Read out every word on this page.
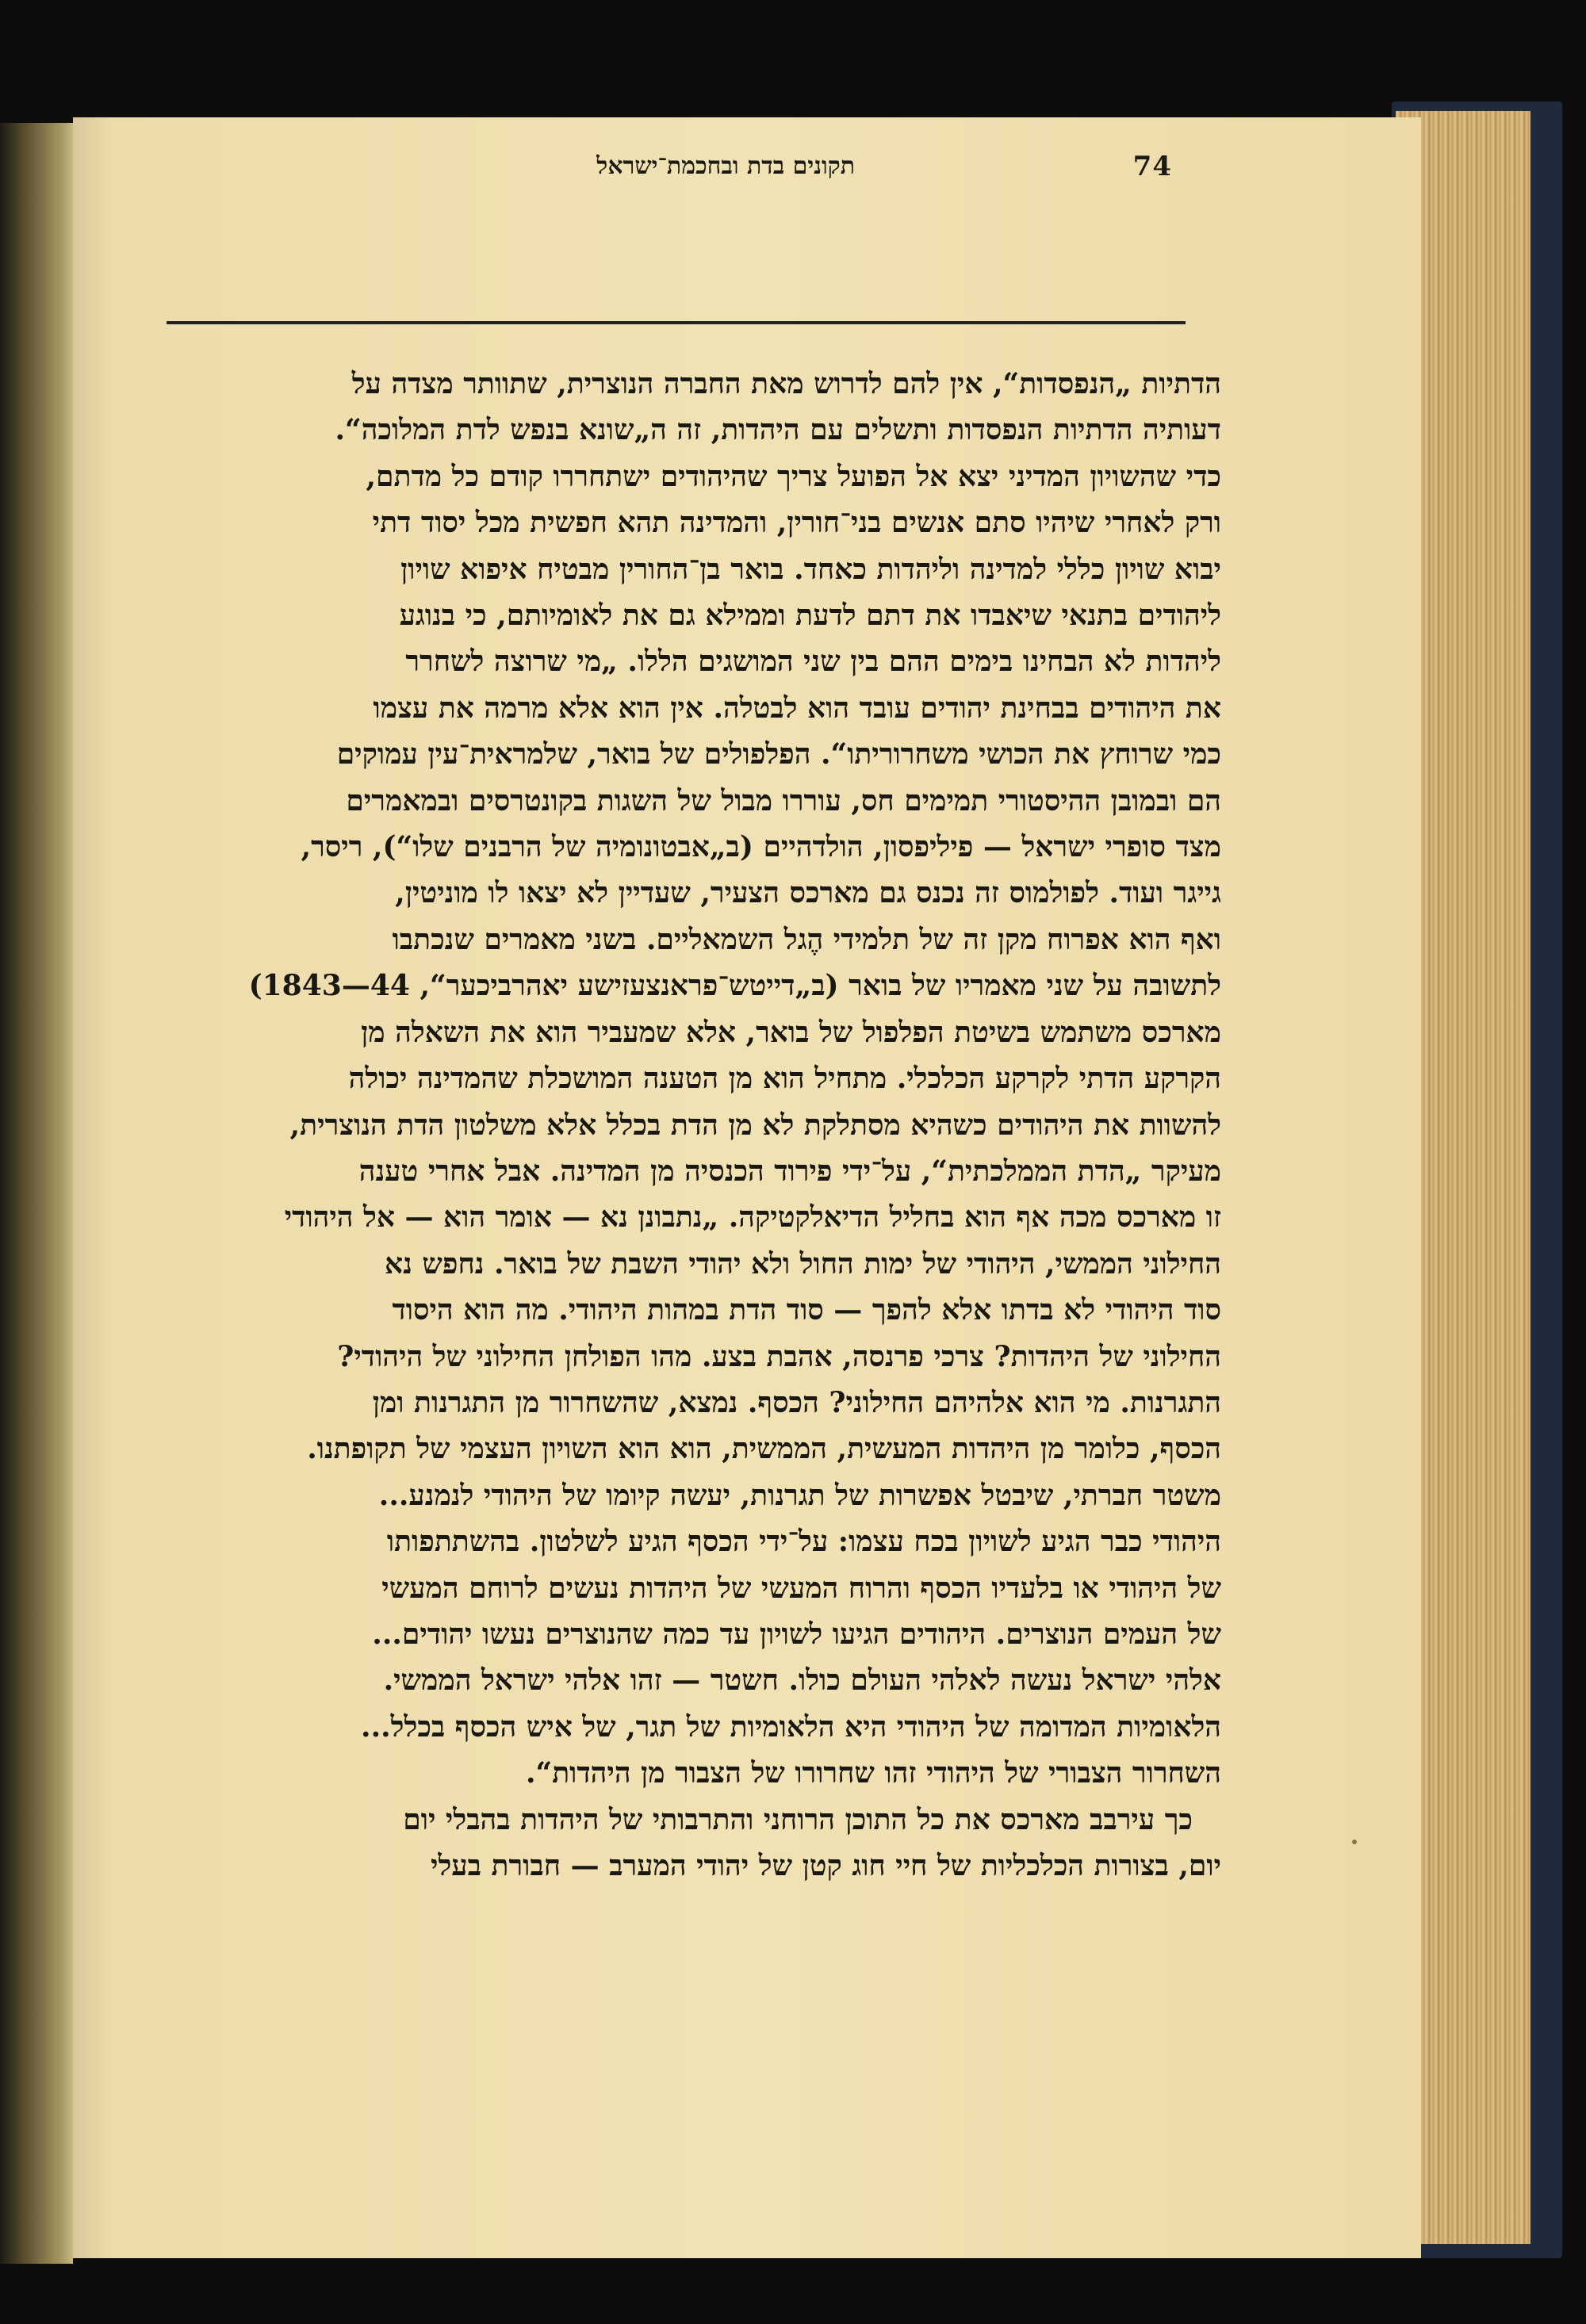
74
תקונים בדת ובחכמת־ישראל
הדתיות „הנפסדות“, אין להם לדרוש מאת החברה הנוצרית, שתוותר מצדה על
דעותיה הדתיות הנפסדות ותשלים עם היהדות, זה ה„שונא בנפש לדת המלוכה“.
כדי שהשויון המדיני יצא אל הפועל צריך שהיהודים ישתחררו קודם כל מדתם,
ורק לאחרי שיהיו סתם אנשים בני־חורין, והמדינה תהא חפשית מכל יסוד דתי
יבוא שויון כללי למדינה וליהדות כאחד. בואר בן־החורין מבטיח איפוא שויון
ליהודים בתנאי שיאבדו את דתם לדעת וממילא גם את לאומיותם, כי בנוגע
ליהדות לא הבחינו בימים ההם בין שני המושגים הללו. „מי שרוצה לשחרר
את היהודים בבחינת יהודים עובד הוא לבטלה. אין הוא אלא מרמה את עצמו
כמי שרוחץ את הכושי משחרוריתו“. הפלפולים של בואר, שלמראית־עין עמוקים
הם ובמובן ההיסטורי תמימים חס, עוררו מבול של השגות בקונטרסים ובמאמרים
מצד סופרי ישראל — פיליפסון, הולדהיים (ב„אבטונומיה של הרבנים שלו“), ריסר,
גייגר ועוד. לפולמוס זה נכנס גם מארכס הצעיר, שעדיין לא יצאו לו מוניטין,
ואף הוא אפרוח מקן זה של תלמידי הֶגל השמאליים. בשני מאמרים שנכתבו
לתשובה על שני מאמריו של בואר (ב„דייטש־פראנצעזישע יאהרביכער“, 44—1843)
מארכס משתמש בשיטת הפלפול של בואר, אלא שמעביר הוא את השאלה מן
הקרקע הדתי לקרקע הכלכלי. מתחיל הוא מן הטענה המושכלת שהמדינה יכולה
להשוות את היהודים כשהיא מסתלקת לא מן הדת בכלל אלא משלטון הדת הנוצרית,
מעיקר „הדת הממלכתית“, על־ידי פירוד הכנסיה מן המדינה. אבל אחרי טענה
זו מארכס מכה אף הוא בחליל הדיאלקטיקה. „נתבונן נא — אומר הוא — אל היהודי
החילוני הממשי, היהודי של ימות החול ולא יהודי השבת של בואר. נחפש נא
סוד היהודי לא בדתו אלא להפך — סוד הדת במהות היהודי. מה הוא היסוד
החילוני של היהדות? צרכי פרנסה, אהבת בצע. מהו הפולחן החילוני של היהודי?
התגרנות. מי הוא אלהיהם החילוני? הכסף. נמצא, שהשחרור מן התגרנות ומן
הכסף, כלומר מן היהדות המעשית, הממשית, הוא הוא השויון העצמי של תקופתנו.
משטר חברתי, שיבטל אפשרות של תגרנות, יעשה קיומו של היהודי לנמנע...
היהודי כבר הגיע לשויון בכח עצמו: על־ידי הכסף הגיע לשלטון. בהשתתפותו
של היהודי או בלעדיו הכסף והרוח המעשי של היהדות נעשים לרוחם המעשי
של העמים הנוצרים. היהודים הגיעו לשויון עד כמה שהנוצרים נעשו יהודים...
אלהי ישראל נעשה לאלהי העולם כולו. חשטר — זהו אלהי ישראל הממשי.
הלאומיות המדומה של היהודי היא הלאומיות של תגר, של איש הכסף בכלל...
השחרור הצבורי של היהודי זהו שחרורו של הצבור מן היהדות“.
כך עירבב מארכס את כל התוכן הרוחני והתרבותי של היהדות בהבלי יום
יום, בצורות הכלכליות של חיי חוג קטן של יהודי המערב — חבורת בעלי
